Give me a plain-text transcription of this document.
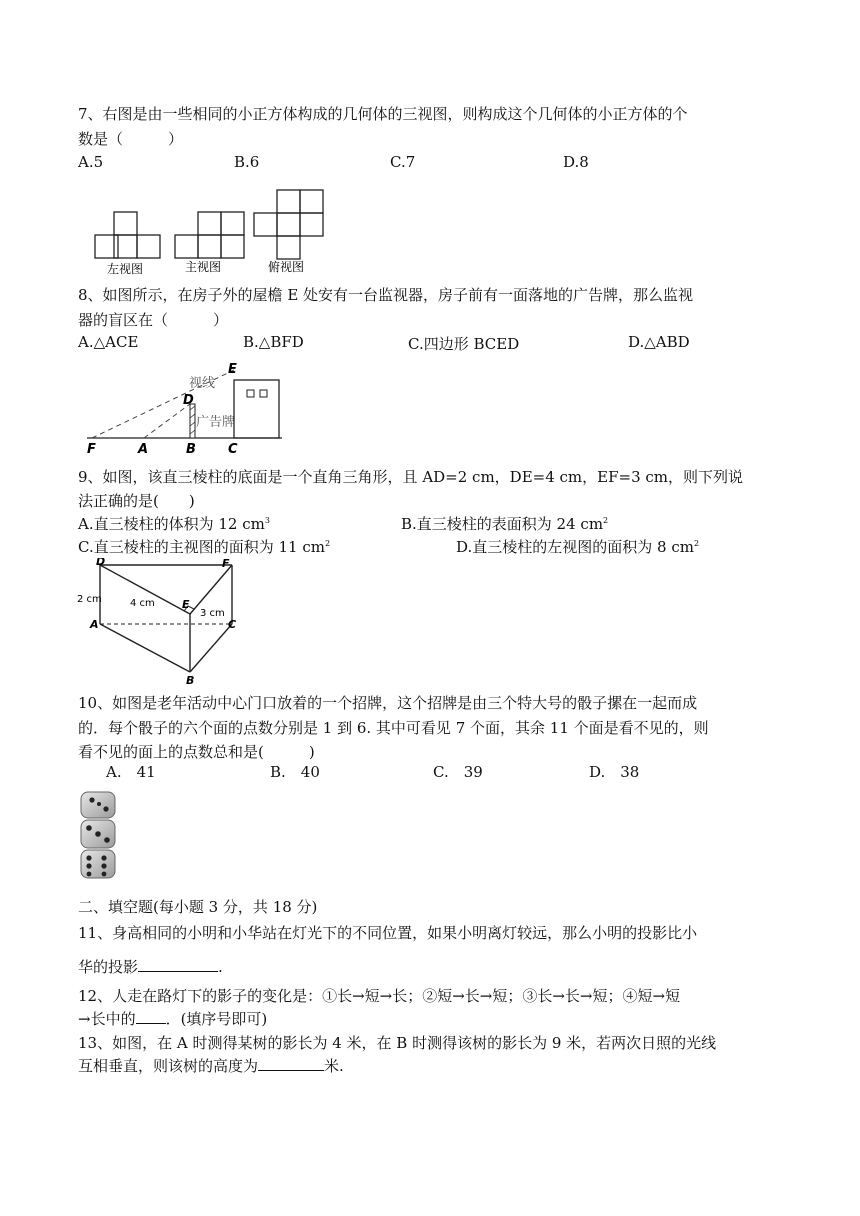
7、右图是由一些相同的小正方体构成的几何体的三视图，则构成这个几何体的小正方体的个
数是（　　　）
A.5	B.6	C.7	D.8
左视图	主视图	俯视图
8、如图所示，在房子外的屋檐 E 处安有一台监视器，房子前有一面落地的广告牌，那么监视
器的盲区在（　　　）
A.△ACE	B.△BFD	C.四边形 BCED	D.△ABD
视线
广告牌
E
D
F	A	B C
9、如图，该直三棱柱的底面是一个直角三角形，且 AD=2 cm，DE=4 cm，EF=3 cm，则下列说
法正确的是(　　)
A.直三棱柱的体积为 12 $cm^3$	B.直三棱柱的表面积为 24 $cm^2$
C.直三棱柱的主视图的面积为 11 $cm^2$	D.直三棱柱的左视图的面积为 8 $cm^2$
D	F
E
A	C
B
2 cm	4 cm
3 cm
10、如图是老年活动中心门口放着的一个招牌，这个招牌是由三个特大号的骰子摞在一起而成
的．每个骰子的六个面的点数分别是 1 到 6. 其中可看见 7 个面，其余 11 个面是看不见的，则
看不见的面上的点数总和是(　　　)
A.　41	B.　40	C.　39	D.　38
二、填空题(每小题 3 分，共 18 分)
11、身高相同的小明和小华站在灯光下的不同位置，如果小明离灯较远，那么小明的投影比小
华的投影	.
12、人走在路灯下的影子的变化是：①长→短→长；②短→长→短；③长→长→短；④短→短
→长中的 ．(填序号即可)
13、如图，在 A 时测得某树的影长为 4 米，在 B 时测得该树的影长为 9 米，若两次日照的光线
互相垂直，则该树的高度为	米.
